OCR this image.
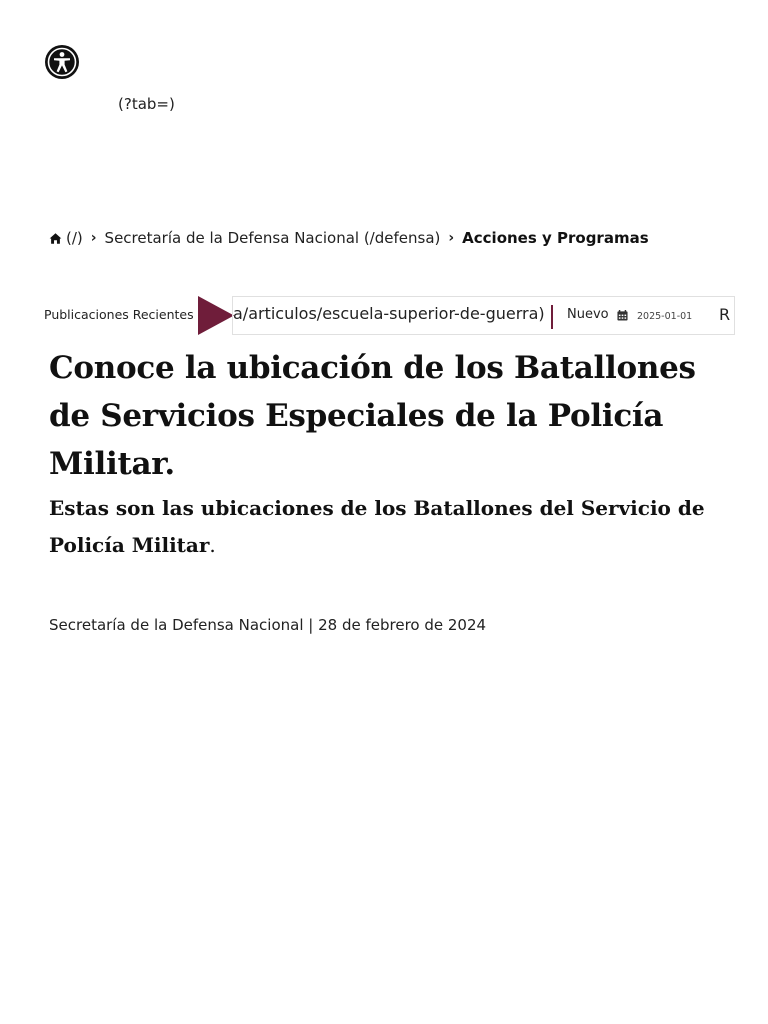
(?tab=)
(/) › Secretaría de la Defensa Nacional (/defensa) › Acciones y Programas
Publicaciones Recientes a/articulos/escuela-superior-de-guerra) Nuevo	2025-01-01 R
Conoce la ubicación de los Batallones de Servicios Especiales de la Policía Militar.

Estas son las ubicaciones de los Batallones del Servicio de Policía Militar.

Secretaría de la Defensa Nacional | 28 de febrero de 2024
